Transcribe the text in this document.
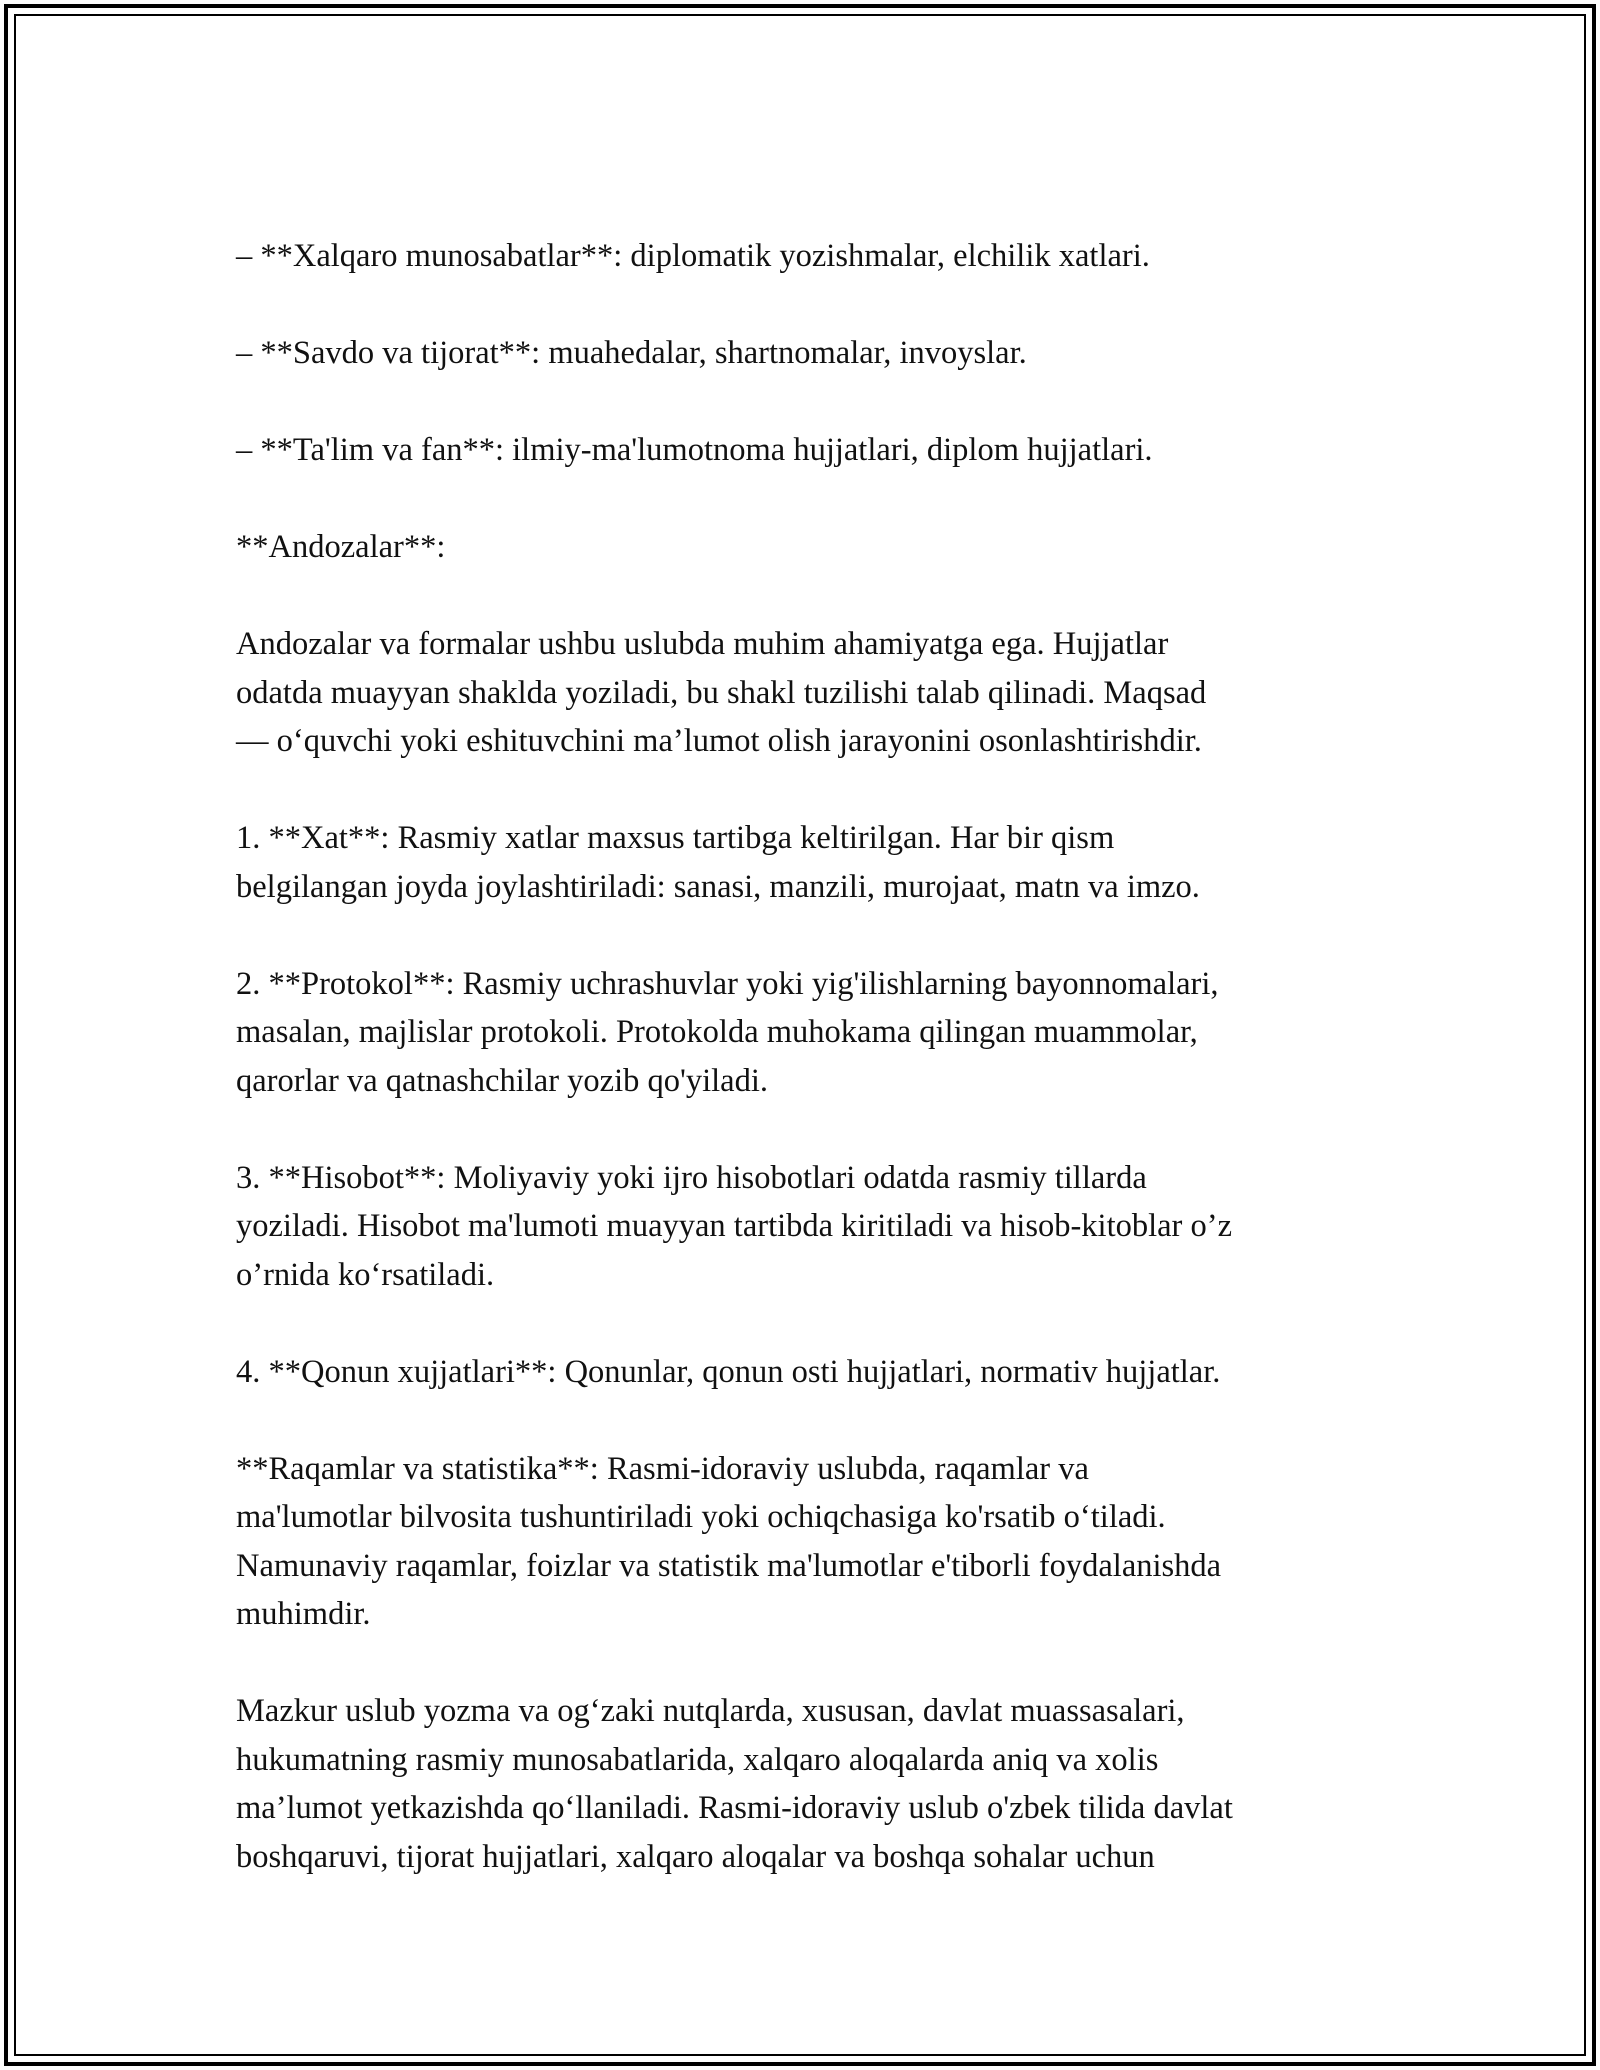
– **Xalqaro munosabatlar**: diplomatik yozishmalar, elchilik xatlari.

– **Savdo va tijorat**: muahedalar, shartnomalar, invoyslar.

– **Ta'lim va fan**: ilmiy-ma'lumotnoma hujjatlari, diplom hujjatlari.

**Andozalar**:

Andozalar va formalar ushbu uslubda muhim ahamiyatga ega. Hujjatlar
odatda muayyan shaklda yoziladi, bu shakl tuzilishi talab qilinadi. Maqsad
— o‘quvchi yoki eshituvchini ma’lumot olish jarayonini osonlashtirishdir.

1. **Xat**: Rasmiy xatlar maxsus tartibga keltirilgan. Har bir qism
belgilangan joyda joylashtiriladi: sanasi, manzili, murojaat, matn va imzo.

2. **Protokol**: Rasmiy uchrashuvlar yoki yig'ilishlarning bayonnomalari,
masalan, majlislar protokoli. Protokolda muhokama qilingan muammolar,
qarorlar va qatnashchilar yozib qo'yiladi.

3. **Hisobot**: Moliyaviy yoki ijro hisobotlari odatda rasmiy tillarda
yoziladi. Hisobot ma'lumoti muayyan tartibda kiritiladi va hisob-kitoblar o’z
o’rnida ko‘rsatiladi.

4. **Qonun xujjatlari**: Qonunlar, qonun osti hujjatlari, normativ hujjatlar.

**Raqamlar va statistika**: Rasmi-idoraviy uslubda, raqamlar va
ma'lumotlar bilvosita tushuntiriladi yoki ochiqchasiga ko'rsatib o‘tiladi.
Namunaviy raqamlar, foizlar va statistik ma'lumotlar e'tiborli foydalanishda
muhimdir.

Mazkur uslub yozma va og‘zaki nutqlarda, xususan, davlat muassasalari,
hukumatning rasmiy munosabatlarida, xalqaro aloqalarda aniq va xolis
ma’lumot yetkazishda qo‘llaniladi. Rasmi-idoraviy uslub o'zbek tilida davlat
boshqaruvi, tijorat hujjatlari, xalqaro aloqalar va boshqa sohalar uchun
